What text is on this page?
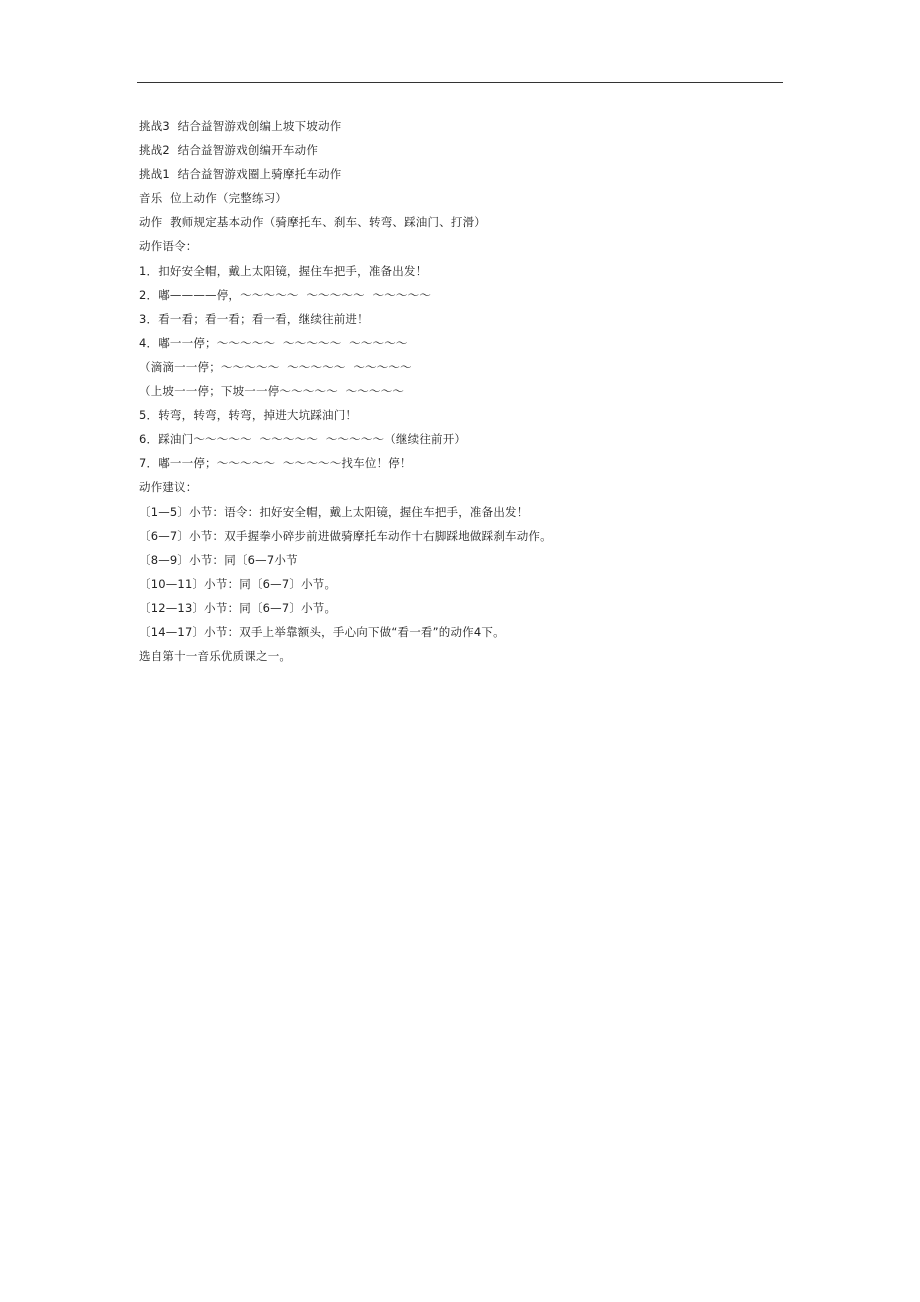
挑战3  结合益智游戏创编上坡下坡动作
挑战2  结合益智游戏创编开车动作
挑战1  结合益智游戏圈上骑摩托车动作
音乐  位上动作（完整练习）
动作  教师规定基本动作（骑摩托车、刹车、转弯、踩油门、打滑）
动作语令：
1．扣好安全帽，戴上太阳镜，握住车把手，准备出发！
2．嘟————停，～～～～～  ～～～～～  ～～～～～
3．看一看；看一看；看一看，继续往前进！
4．嘟一一停；～～～～～  ～～～～～  ～～～～～
（滴滴一一停；～～～～～  ～～～～～  ～～～～～
（上坡一一停；下坡一一停～～～～～  ～～～～～
5．转弯，转弯，转弯，掉进大坑踩油门！
6．踩油门～～～～～  ～～～～～  ～～～～～（继续往前开）
7．嘟一一停；～～～～～  ～～～～～找车位！停！
动作建议：
〔1—5〕小节：语令：扣好安全帽，戴上太阳镜，握住车把手，准备出发！
〔6—7〕小节：双手握拳小碎步前进做骑摩托车动作十右脚踩地做踩刹车动作。
〔8—9〕小节：同〔6—7小节
〔10—11〕小节：同〔6—7〕小节。
〔12—13〕小节：同〔6—7〕小节。
〔14—17〕小节：双手上举靠额头，手心向下做“看一看”的动作4下。
选自第十一音乐优质课之一。
